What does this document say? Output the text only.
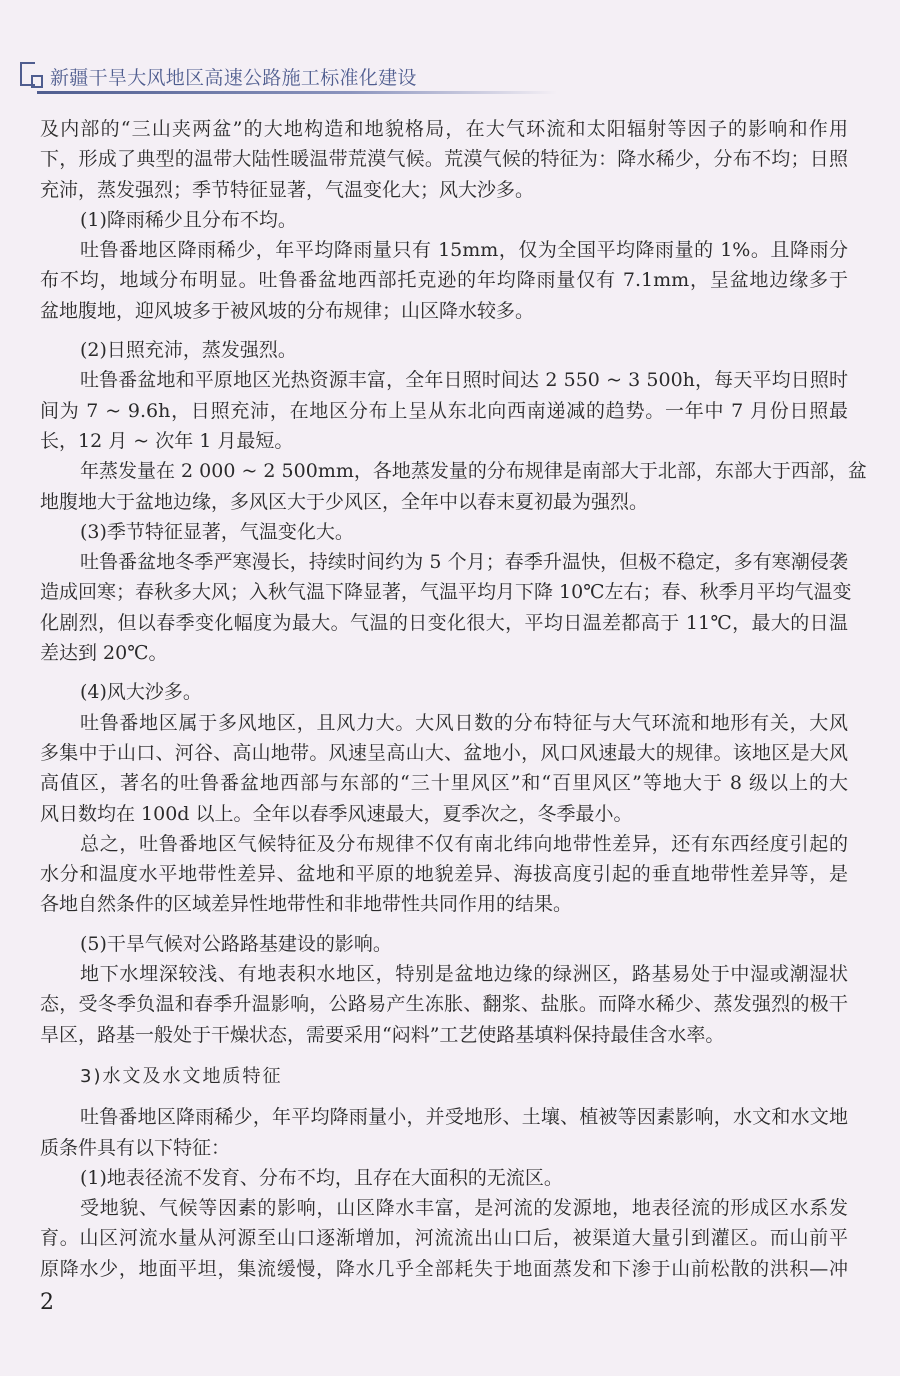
新疆干旱大风地区高速公路施工标准化建设
及内部的“三山夹两盆”的大地构造和地貌格局，在大气环流和太阳辐射等因子的影响和作用
下，形成了典型的温带大陆性暖温带荒漠气候。荒漠气候的特征为：降水稀少，分布不均；日照
充沛，蒸发强烈；季节特征显著，气温变化大；风大沙多。
(1)降雨稀少且分布不均。
吐鲁番地区降雨稀少，年平均降雨量只有 15mm，仅为全国平均降雨量的 1%。且降雨分
布不均，地域分布明显。吐鲁番盆地西部托克逊的年均降雨量仅有 7.1mm，呈盆地边缘多于
盆地腹地，迎风坡多于被风坡的分布规律；山区降水较多。
(2)日照充沛，蒸发强烈。
吐鲁番盆地和平原地区光热资源丰富，全年日照时间达 2 550 ~ 3 500h，每天平均日照时
间为 7 ~ 9.6h，日照充沛，在地区分布上呈从东北向西南递减的趋势。一年中 7 月份日照最
长，12 月 ~ 次年 1 月最短。
年蒸发量在 2 000 ~ 2 500mm，各地蒸发量的分布规律是南部大于北部，东部大于西部，盆
地腹地大于盆地边缘，多风区大于少风区，全年中以春末夏初最为强烈。
(3)季节特征显著，气温变化大。
吐鲁番盆地冬季严寒漫长，持续时间约为 5 个月；春季升温快，但极不稳定，多有寒潮侵袭
造成回寒；春秋多大风；入秋气温下降显著，气温平均月下降 10℃左右；春、秋季月平均气温变
化剧烈，但以春季变化幅度为最大。气温的日变化很大，平均日温差都高于 11℃，最大的日温
差达到 20℃。
(4)风大沙多。
吐鲁番地区属于多风地区，且风力大。大风日数的分布特征与大气环流和地形有关，大风
多集中于山口、河谷、高山地带。风速呈高山大、盆地小，风口风速最大的规律。该地区是大风
高值区，著名的吐鲁番盆地西部与东部的“三十里风区”和“百里风区”等地大于 8 级以上的大
风日数均在 100d 以上。全年以春季风速最大，夏季次之，冬季最小。
总之，吐鲁番地区气候特征及分布规律不仅有南北纬向地带性差异，还有东西经度引起的
水分和温度水平地带性差异、盆地和平原的地貌差异、海拔高度引起的垂直地带性差异等，是
各地自然条件的区域差异性地带性和非地带性共同作用的结果。
(5)干旱气候对公路路基建设的影响。
地下水埋深较浅、有地表积水地区，特别是盆地边缘的绿洲区，路基易处于中湿或潮湿状
态，受冬季负温和春季升温影响，公路易产生冻胀、翻浆、盐胀。而降水稀少、蒸发强烈的极干
旱区，路基一般处于干燥状态，需要采用“闷料”工艺使路基填料保持最佳含水率。
3)水文及水文地质特征
吐鲁番地区降雨稀少，年平均降雨量小，并受地形、土壤、植被等因素影响，水文和水文地
质条件具有以下特征：
(1)地表径流不发育、分布不均，且存在大面积的无流区。
受地貌、气候等因素的影响，山区降水丰富，是河流的发源地，地表径流的形成区水系发
育。山区河流水量从河源至山口逐渐增加，河流流出山口后，被渠道大量引到灌区。而山前平
原降水少，地面平坦，集流缓慢，降水几乎全部耗失于地面蒸发和下渗于山前松散的洪积—冲
2
